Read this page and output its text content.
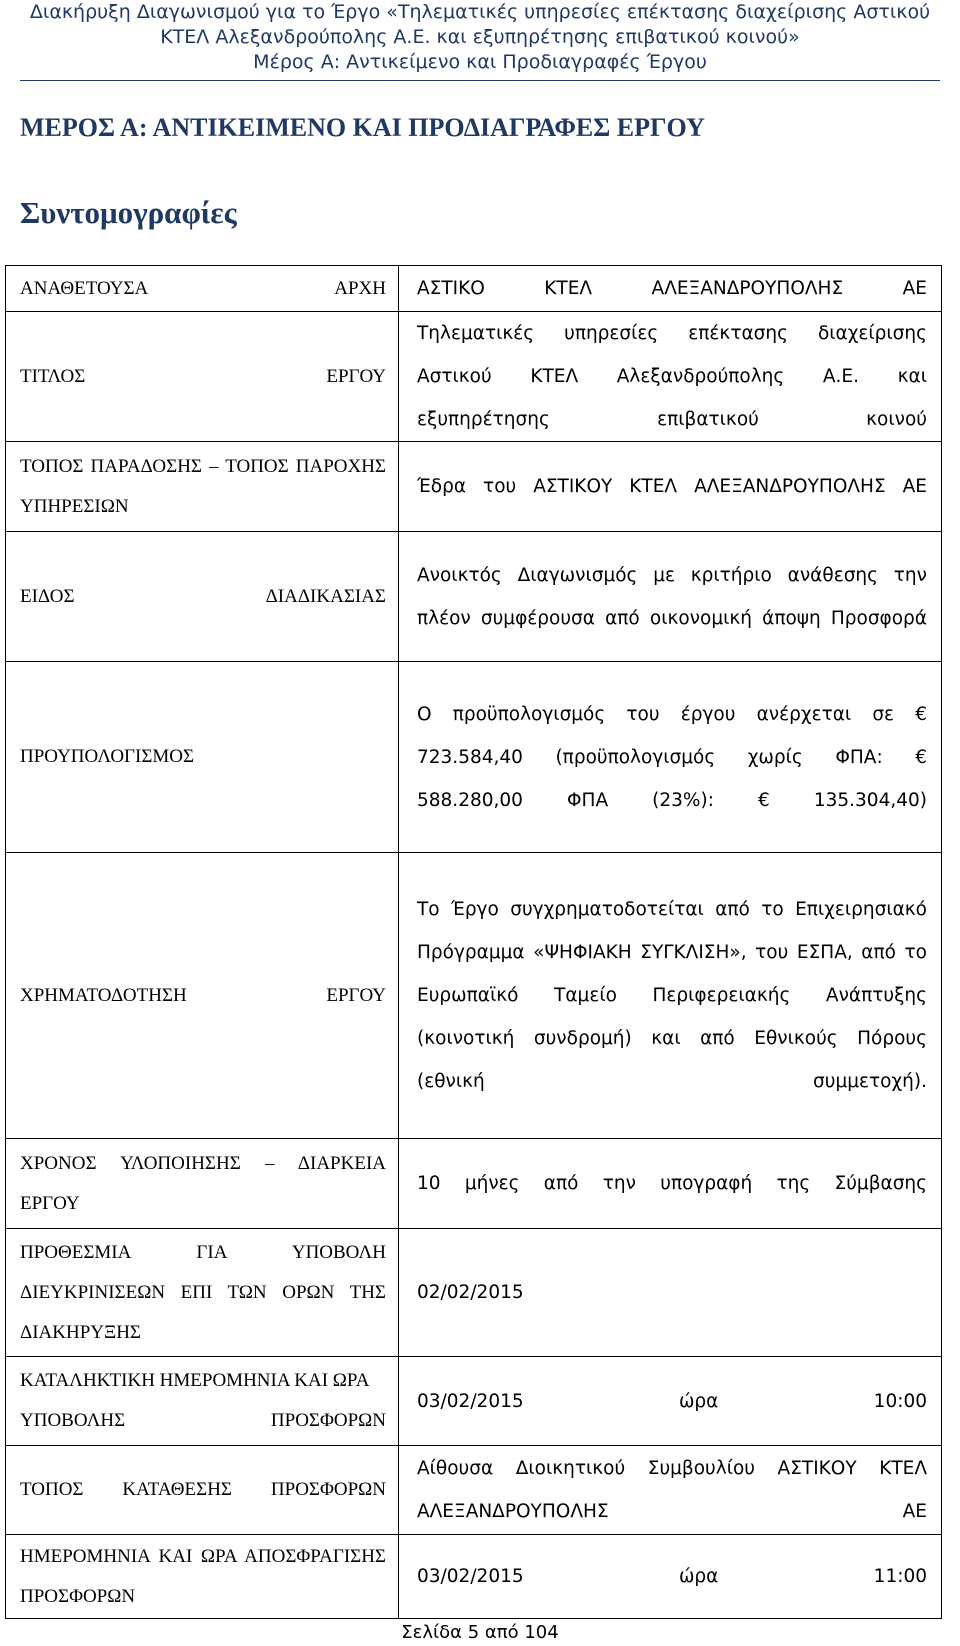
Διακήρυξη Διαγωνισμού για το Έργο «Τηλεματικές υπηρεσίες επέκτασης διαχείρισης Αστικού
ΚΤΕΛ Αλεξανδρούπολης Α.Ε. και εξυπηρέτησης επιβατικού κοινού»
Μέρος Α: Αντικείμενο και Προδιαγραφές Έργου
ΜΕΡΟΣ Α: ΑΝΤΙΚΕΙΜΕΝΟ ΚΑΙ ΠΡΟΔΙΑΓΡΑΦΕΣ ΕΡΓΟΥ
Συντομογραφίες
ΑΝΑΘΕΤΟΥΣΑ ΑΡΧΗ	ΑΣΤΙΚΟ ΚΤΕΛ ΑΛΕΞΑΝΔΡΟΥΠΟΛΗΣ ΑΕ
ΤΙΤΛΟΣ ΕΡΓΟΥ	Τηλεματικές υπηρεσίες επέκτασης διαχείρισης Αστικού ΚΤΕΛ Αλεξανδρούπολης Α.Ε. και εξυπηρέτησης επιβατικού κοινού
ΤΟΠΟΣ ΠΑΡΑΔΟΣΗΣ – ΤΟΠΟΣ ΠΑΡΟΧΗΣ ΥΠΗΡΕΣΙΩΝ	Έδρα του ΑΣΤΙΚΟΥ ΚΤΕΛ ΑΛΕΞΑΝΔΡΟΥΠΟΛΗΣ ΑΕ
ΕΙΔΟΣ ΔΙΑΔΙΚΑΣΙΑΣ	Ανοικτός Διαγωνισμός με κριτήριο ανάθεσης την πλέον συμφέρουσα από οικονομική άποψη Προσφορά
ΠΡΟΥΠΟΛΟΓΙΣΜΟΣ	Ο προϋπολογισμός του έργου ανέρχεται σε € 723.584,40 (προϋπολογισμός χωρίς ΦΠΑ: € 588.280,00 ΦΠΑ (23%): € 135.304,40)
ΧΡΗΜΑΤΟΔΟΤΗΣΗ ΕΡΓΟΥ	Το Έργο συγχρηματοδοτείται από το Επιχειρησιακό Πρόγραμμα «ΨΗΦΙΑΚΗ ΣΥΓΚΛΙΣΗ», του ΕΣΠΑ, από το Ευρωπαϊκό Ταμείο Περιφερειακής Ανάπτυξης (κοινοτική συνδρομή) και από Εθνικούς Πόρους (εθνική συμμετοχή).
ΧΡΟΝΟΣ ΥΛΟΠΟΙΗΣΗΣ – ΔΙΑΡΚΕΙΑ ΕΡΓΟΥ	10 μήνες από την υπογραφή της Σύμβασης
ΠΡΟΘΕΣΜΙΑ ΓΙΑ ΥΠΟΒΟΛΗ ΔΙΕΥΚΡΙΝΙΣΕΩΝ ΕΠΙ ΤΩΝ ΟΡΩΝ ΤΗΣ ΔΙΑΚΗΡΥΞΗΣ	02/02/2015
ΚΑΤΑΛΗΚΤΙΚΗ ΗΜΕΡΟΜΗΝΙΑ ΚΑΙ ΩΡΑ ΥΠΟΒΟΛΗΣ ΠΡΟΣΦΟΡΩΝ	03/02/2015 ώρα 10:00
ΤΟΠΟΣ ΚΑΤΑΘΕΣΗΣ ΠΡΟΣΦΟΡΩΝ	Αίθουσα Διοικητικού Συμβουλίου ΑΣΤΙΚΟΥ ΚΤΕΛ ΑΛΕΞΑΝΔΡΟΥΠΟΛΗΣ ΑΕ
ΗΜΕΡΟΜΗΝΙΑ ΚΑΙ ΩΡΑ ΑΠΟΣΦΡΑΓΙΣΗΣ ΠΡΟΣΦΟΡΩΝ	03/02/2015 ώρα 11:00
Σελίδα 5 από 104
